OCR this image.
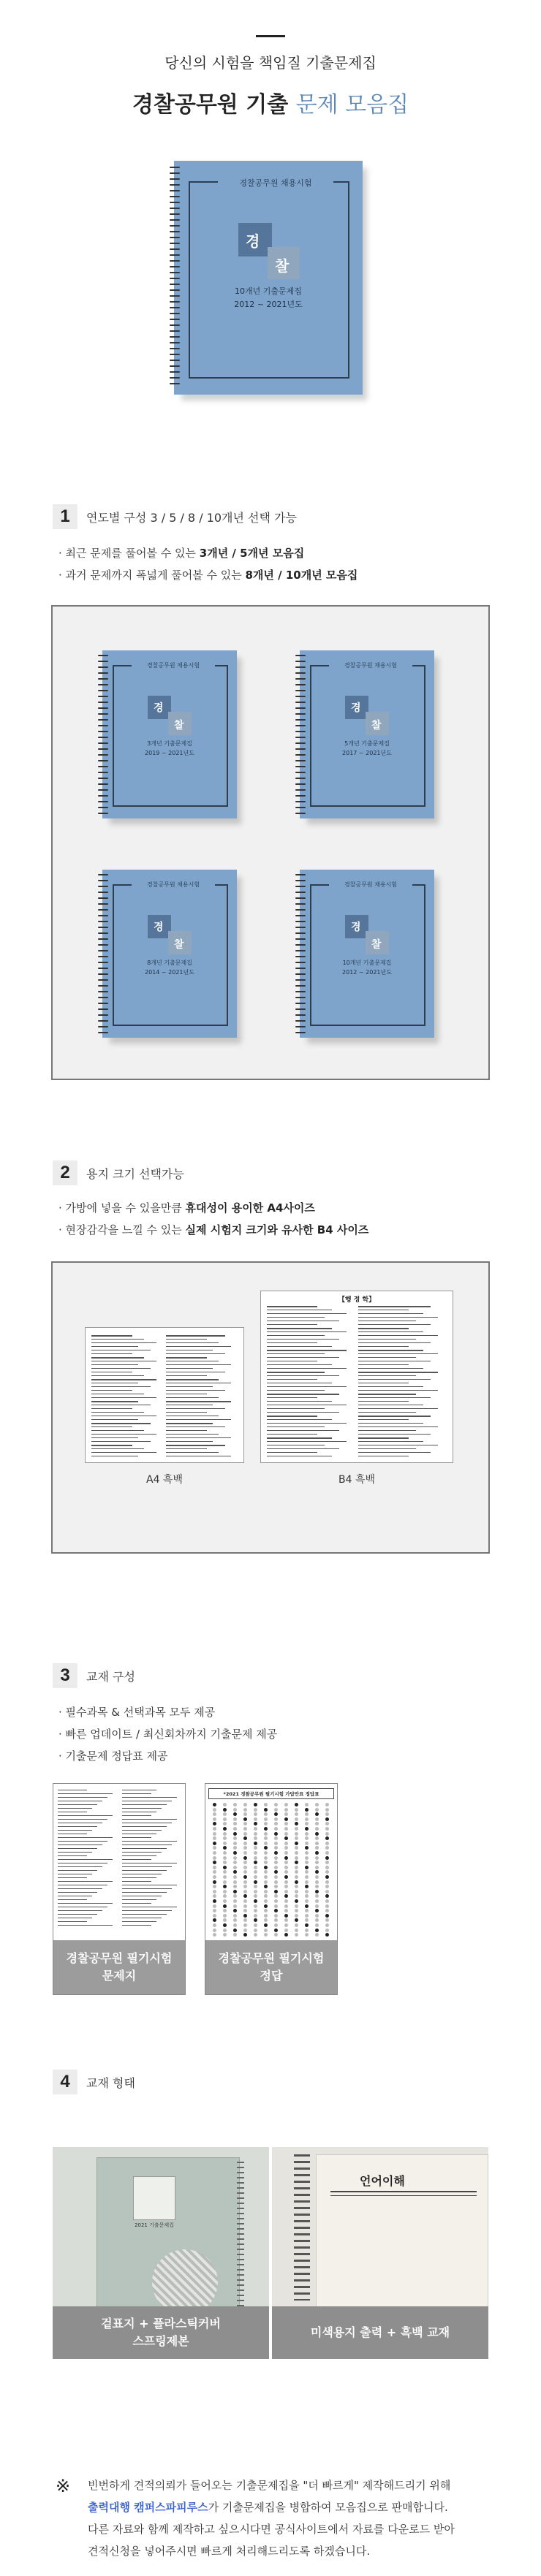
당신의 시험을 책임질 기출문제집
경찰공무원 기출 문제 모음집
경찰공무원 채용시험
경
찰
10개년 기출문제집
2012 ~ 2021년도
1	연도별 구성 3 / 5 / 8 / 10개년 선택 가능
· 최근 문제를 풀어볼 수 있는 3개년 / 5개년 모음집
· 과거 문제까지 폭넓게 풀어볼 수 있는 8개년 / 10개년 모음집
경찰공무원 채용시험
경
찰
3개년 기출문제집
2019 ~ 2021년도
경찰공무원 채용시험
경
찰
5개년 기출문제집
2017 ~ 2021년도
경찰공무원 채용시험
경
찰
8개년 기출문제집
2014 ~ 2021년도
경찰공무원 채용시험
경
찰
10개년 기출문제집
2012 ~ 2021년도
2	용지 크기 선택가능
· 가방에 넣을 수 있을만큼 휴대성이 용이한 A4사이즈
· 현장감각을 느낄 수 있는 실제 시험지 크기와 유사한 B4 사이즈
【행 정 학】
A4 흑백	B4 흑백
3	교재 구성
· 필수과목 & 선택과목 모두 제공
· 빠른 업데이트 / 최신회차까지 기출문제 제공
· 기출문제 정답표 제공
경찰공무원 필기시험
문제지
*2021 경찰공무원 필기시험 가답안표 정답표
경찰공무원 필기시험
정답
4	교재 형태
2021 기출문제집
겉표지 + 플라스틱커버
스프링제본
언어이해
미색용지 출력 + 흑백 교재
※ 빈번하게 견적의뢰가 들어오는 기출문제집을 "더 빠르게" 제작해드리기 위해
출력대행 캠퍼스파피루스가 기출문제집을 병합하여 모음집으로 판매합니다.
다른 자료와 함께 제작하고 싶으시다면 공식사이트에서 자료를 다운로드 받아
견적신청을 넣어주시면 빠르게 처리해드리도록 하겠습니다.
